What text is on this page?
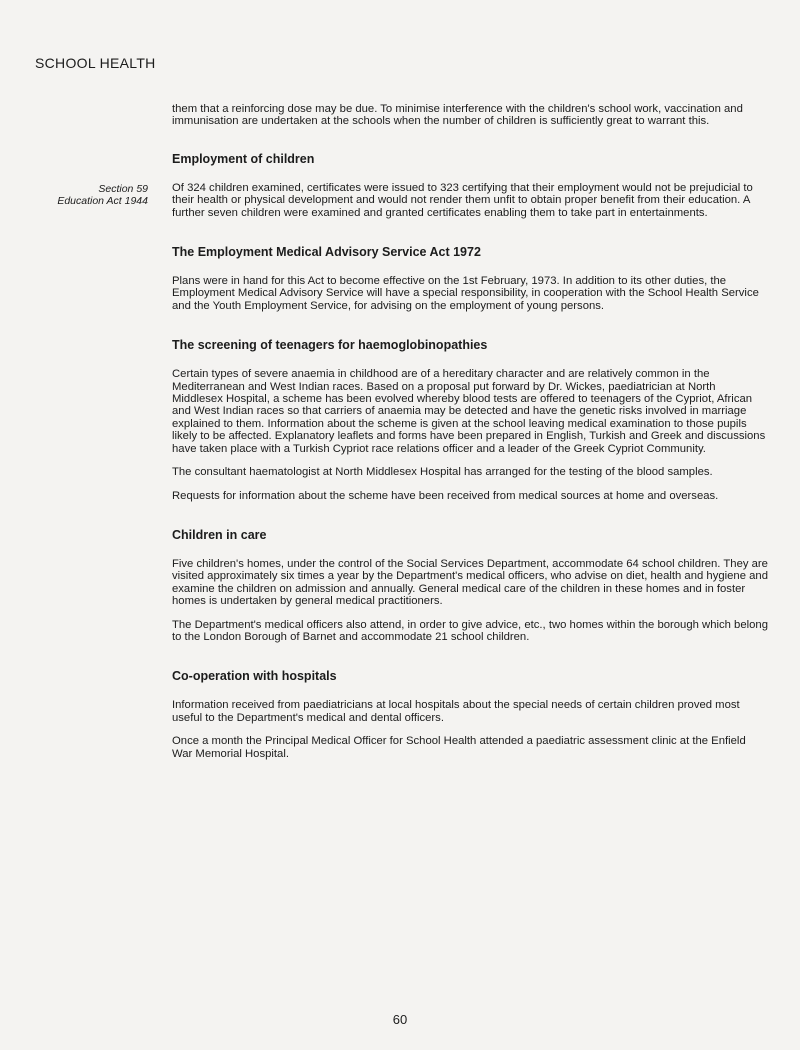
SCHOOL HEALTH

them that a reinforcing dose may be due. To minimise interference with the children's school work, vaccination and immunisation are undertaken at the schools when the number of children is sufficiently great to warrant this.

Employment of children
Section 59
Education Act 1944

Of 324 children examined, certificates were issued to 323 certifying that their employment would not be prejudicial to their health or physical development and would not render them unfit to obtain proper benefit from their education. A further seven children were examined and granted certificates enabling them to take part in entertainments.

The Employment Medical Advisory Service Act 1972

Plans were in hand for this Act to become effective on the 1st February, 1973. In addition to its other duties, the Employment Medical Advisory Service will have a special responsibility, in cooperation with the School Health Service and the Youth Employment Service, for advising on the employment of young persons.

The screening of teenagers for haemoglobinopathies

Certain types of severe anaemia in childhood are of a hereditary character and are relatively common in the Mediterranean and West Indian races. Based on a proposal put forward by Dr. Wickes, paediatrician at North Middlesex Hospital, a scheme has been evolved whereby blood tests are offered to teenagers of the Cypriot, African and West Indian races so that carriers of anaemia may be detected and have the genetic risks involved in marriage explained to them. Information about the scheme is given at the school leaving medical examination to those pupils likely to be affected. Explanatory leaflets and forms have been prepared in English, Turkish and Greek and discussions have taken place with a Turkish Cypriot race relations officer and a leader of the Greek Cypriot Community.

The consultant haematologist at North Middlesex Hospital has arranged for the testing of the blood samples.

Requests for information about the scheme have been received from medical sources at home and overseas.

Children in care

Five children's homes, under the control of the Social Services Department, accommodate 64 school children. They are visited approximately six times a year by the Department's medical officers, who advise on diet, health and hygiene and examine the children on admission and annually. General medical care of the children in these homes and in foster homes is undertaken by general medical practitioners.

The Department's medical officers also attend, in order to give advice, etc., two homes within the borough which belong to the London Borough of Barnet and accommodate 21 school children.

Co-operation with hospitals

Information received from paediatricians at local hospitals about the special needs of certain children proved most useful to the Department's medical and dental officers.

Once a month the Principal Medical Officer for School Health attended a paediatric assessment clinic at the Enfield War Memorial Hospital.

60
